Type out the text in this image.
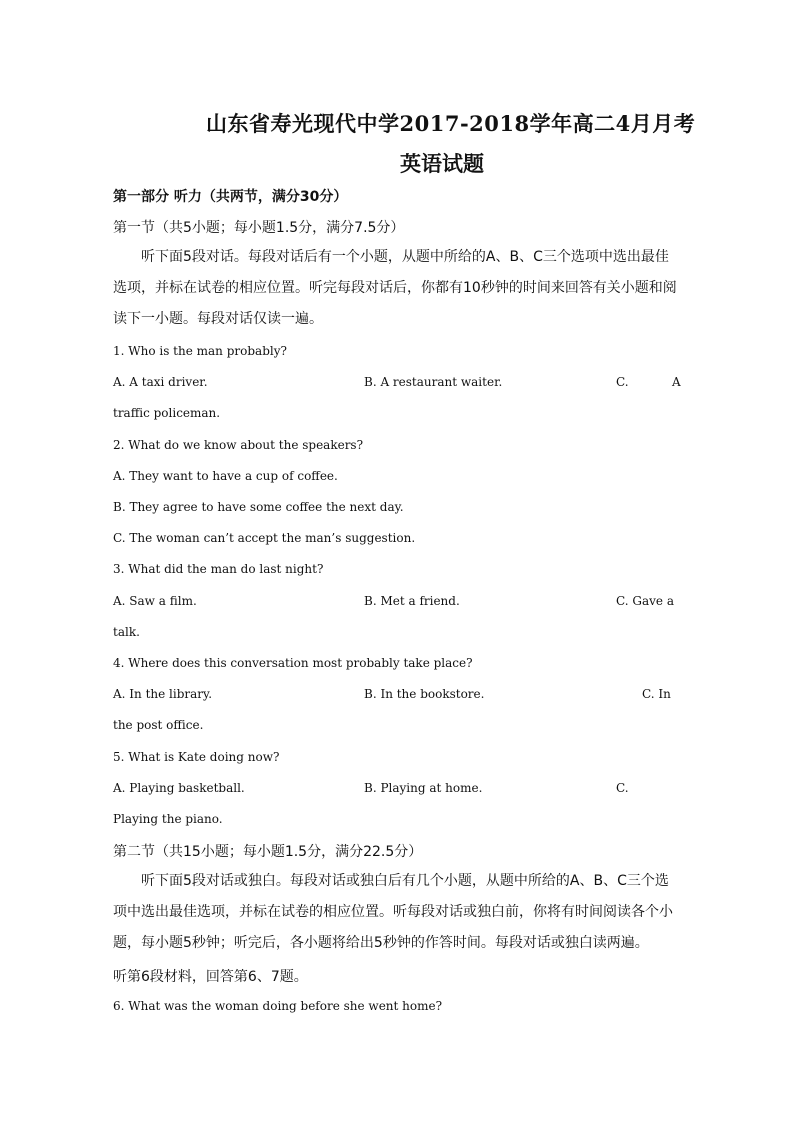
山东省寿光现代中学2017-2018学年高二4月月考
英语试题
第一部分 听力（共两节，满分30分）
第一节（共5小题；每小题1.5分，满分7.5分）
听下面5段对话。每段对话后有一个小题，从题中所给的A、B、C三个选项中选出最佳选项，并标在试卷的相应位置。听完每段对话后，你都有10秒钟的时间来回答有关小题和阅读下一小题。每段对话仅读一遍。
1. Who is the man probably?
A. A taxi driver.	B. A restaurant waiter.	C.	A
traffic policeman.
2. What do we know about the speakers?
A. They want to have a cup of coffee.
B. They agree to have some coffee the next day.
C. The woman can’t accept the man’s suggestion.
3. What did the man do last night?
A. Saw a film.	B. Met a friend.	C. Gave a
talk.
4. Where does this conversation most probably take place?
A. In the library.	B. In the bookstore.	C. In
the post office.
5. What is Kate doing now?
A. Playing basketball.	B. Playing at home.	C.
Playing the piano.
第二节（共15小题；每小题1.5分，满分22.5分）
听下面5段对话或独白。每段对话或独白后有几个小题，从题中所给的A、B、C三个选项中选出最佳选项，并标在试卷的相应位置。听每段对话或独白前，你将有时间阅读各个小题，每小题5秒钟；听完后，各小题将给出5秒钟的作答时间。每段对话或独白读两遍。
听第6段材料，回答第6、7题。
6. What was the woman doing before she went home?
